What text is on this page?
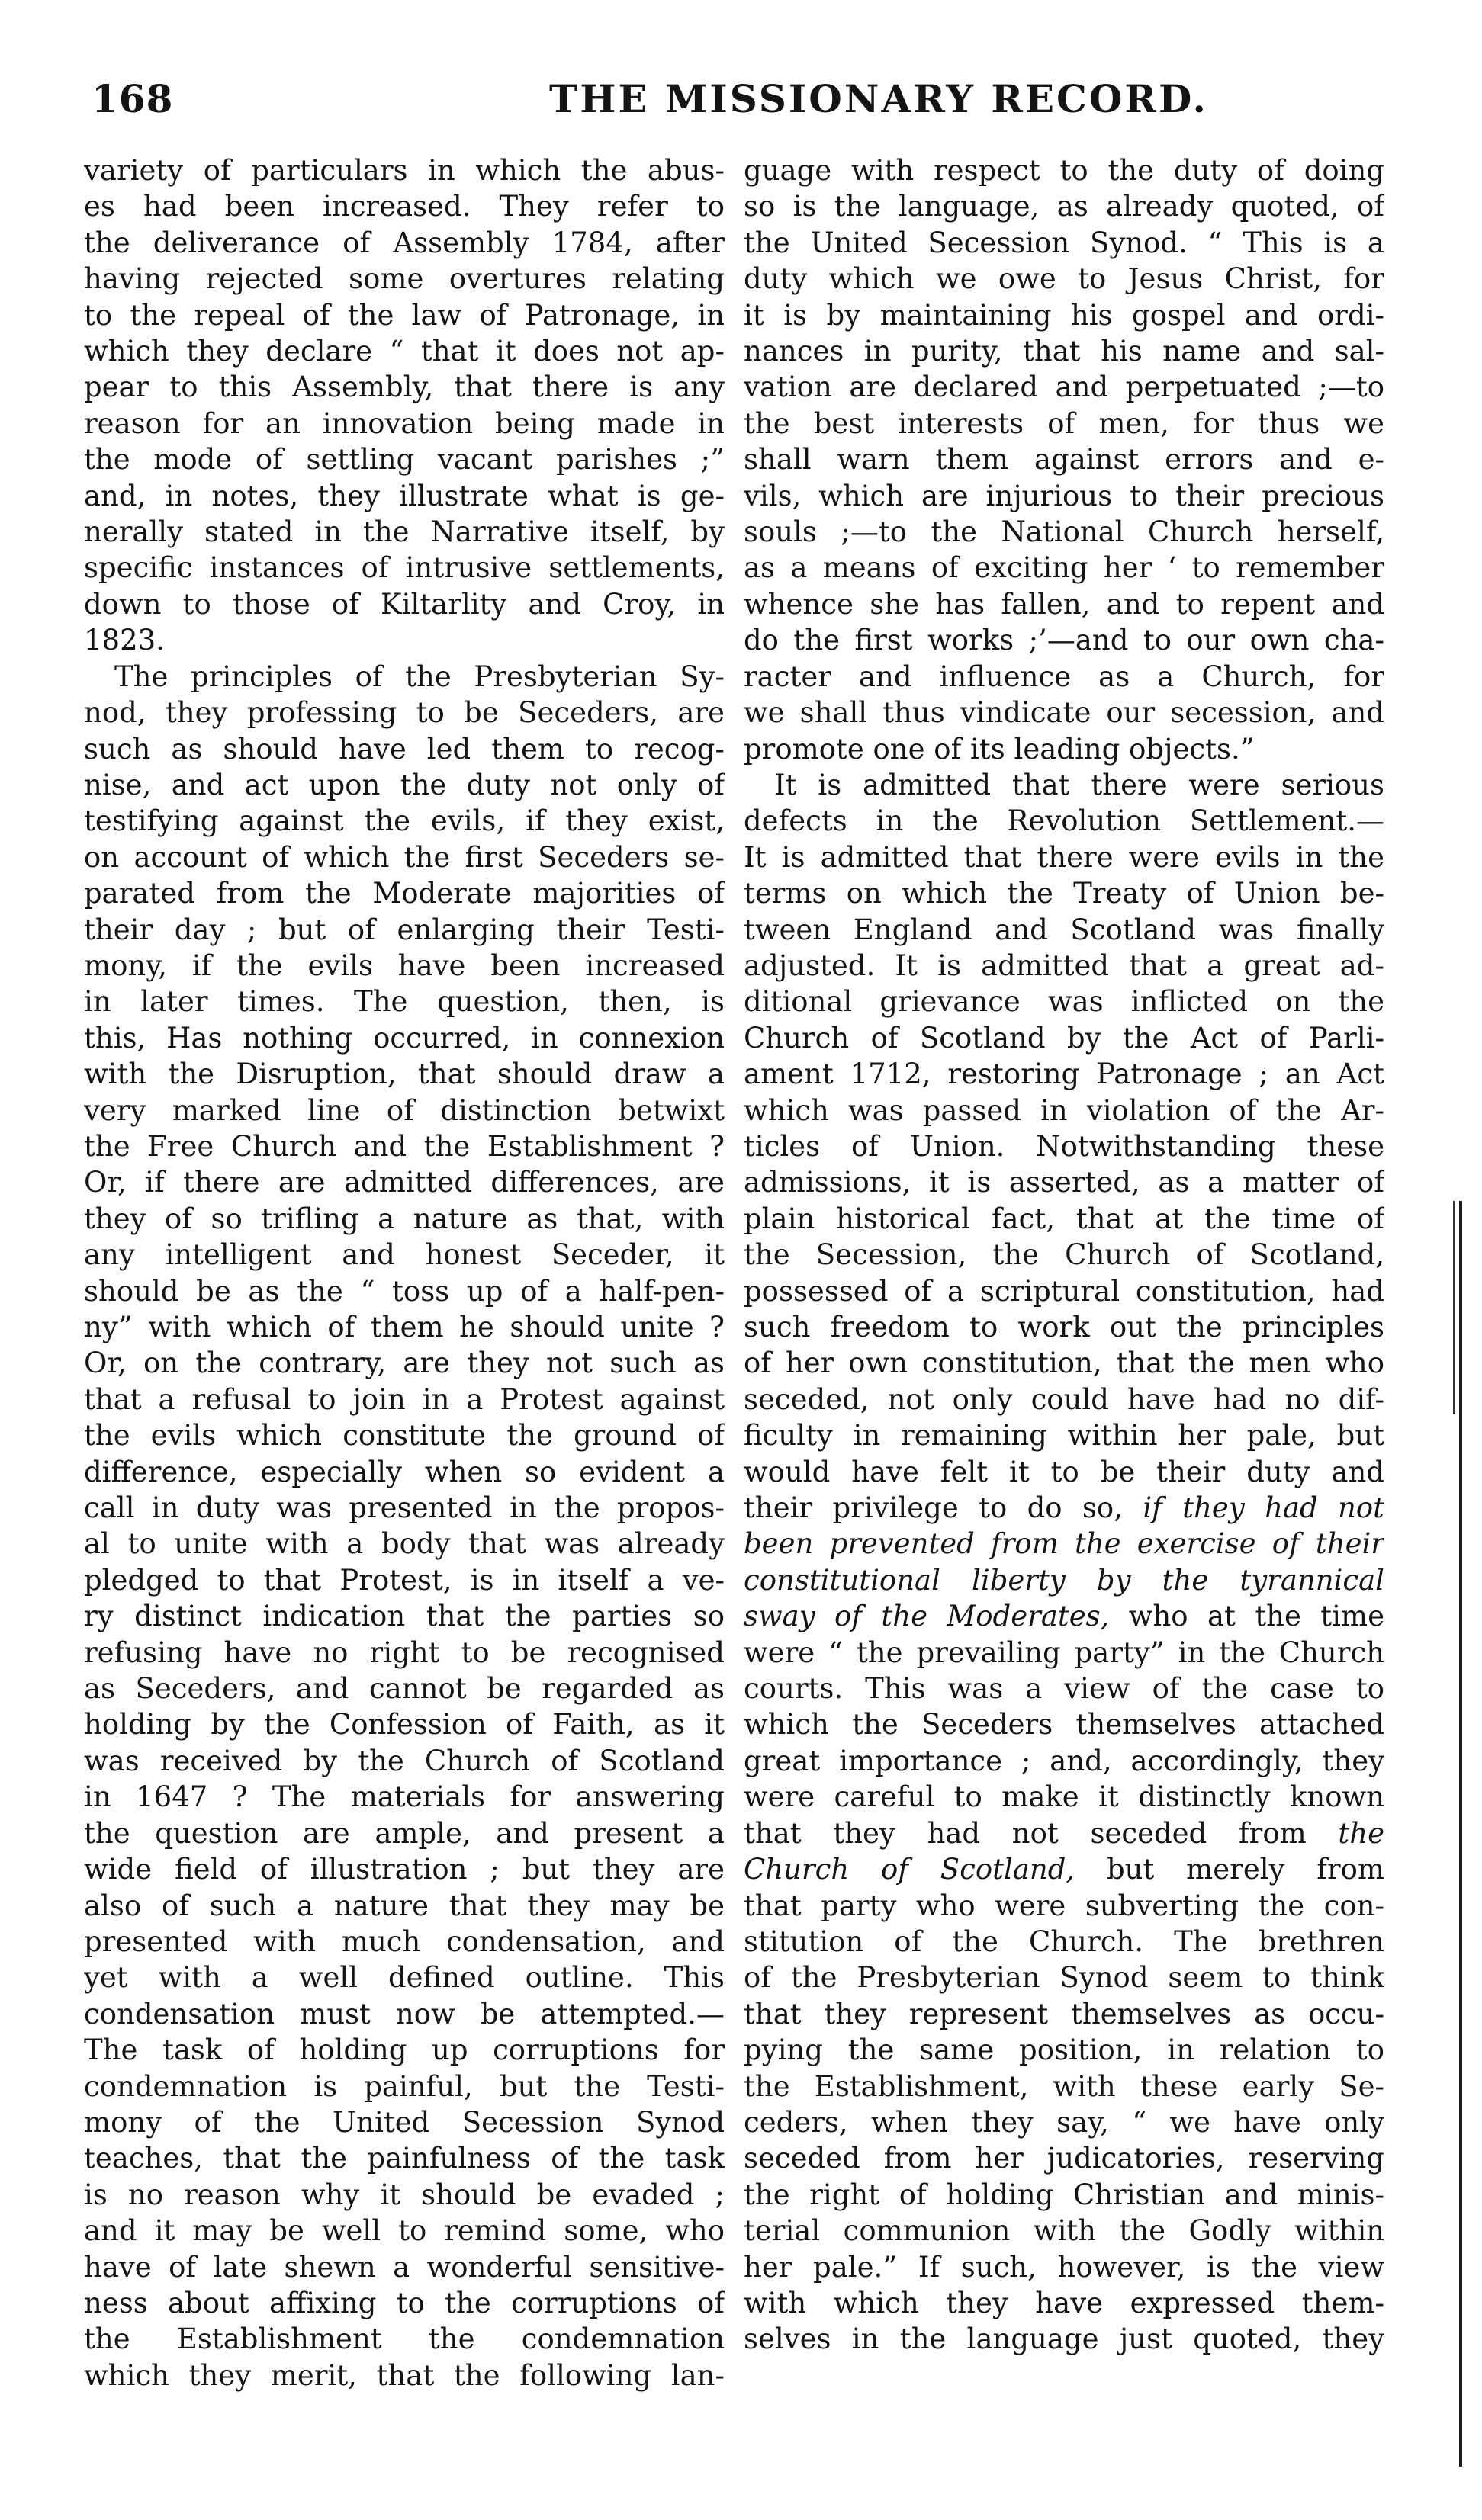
168	THE MISSIONARY RECORD.

variety of particulars in which the abus-

es had been increased. They refer to

the deliverance of Assembly 1784, after

having rejected some overtures relating

to the repeal of the law of Patronage, in

which they declare “ that it does not ap-

pear to this Assembly, that there is any

reason for an innovation being made in

the mode of settling vacant parishes ;”

and, in notes, they illustrate what is ge-

nerally stated in the Narrative itself, by

specific instances of intrusive settlements,

down to those of Kiltarlity and Croy, in

1823.

The principles of the Presbyterian Sy-

nod, they professing to be Seceders, are

such as should have led them to recog-

nise, and act upon the duty not only of

testifying against the evils, if they exist,

on account of which the first Seceders se-

parated from the Moderate majorities of

their day ; but of enlarging their Testi-

mony, if the evils have been increased

in later times. The question, then, is

this, Has nothing occurred, in connexion

with the Disruption, that should draw a

very marked line of distinction betwixt

the Free Church and the Establishment ?

Or, if there are admitted differences, are

they of so trifling a nature as that, with

any intelligent and honest Seceder, it

should be as the “ toss up of a half-pen-

ny” with which of them he should unite ?

Or, on the contrary, are they not such as

that a refusal to join in a Protest against

the evils which constitute the ground of

difference, especially when so evident a

call in duty was presented in the propos-

al to unite with a body that was already

pledged to that Protest, is in itself a ve-

ry distinct indication that the parties so

refusing have no right to be recognised

as Seceders, and cannot be regarded as

holding by the Confession of Faith, as it

was received by the Church of Scotland

in 1647 ? The materials for answering

the question are ample, and present a

wide field of illustration ; but they are

also of such a nature that they may be

presented with much condensation, and

yet with a well defined outline. This

condensation must now be attempted.—

The task of holding up corruptions for

condemnation is painful, but the Testi-

mony of the United Secession Synod

teaches, that the painfulness of the task

is no reason why it should be evaded ;

and it may be well to remind some, who

have of late shewn a wonderful sensitive-

ness about affixing to the corruptions of

the Establishment the condemnation

which they merit, that the following lan-

guage with respect to the duty of doing

so is the language, as already quoted, of

the United Secession Synod. “ This is a

duty which we owe to Jesus Christ, for

it is by maintaining his gospel and ordi-

nances in purity, that his name and sal-

vation are declared and perpetuated ;—to

the best interests of men, for thus we

shall warn them against errors and e-

vils, which are injurious to their precious

souls ;—to the National Church herself,

as a means of exciting her ‘ to remember

whence she has fallen, and to repent and

do the first works ;’—and to our own cha-

racter and influence as a Church, for

we shall thus vindicate our secession, and

promote one of its leading objects.”

It is admitted that there were serious

defects in the Revolution Settlement.—

It is admitted that there were evils in the

terms on which the Treaty of Union be-

tween England and Scotland was finally

adjusted. It is admitted that a great ad-

ditional grievance was inflicted on the

Church of Scotland by the Act of Parli-

ament 1712, restoring Patronage ; an Act

which was passed in violation of the Ar-

ticles of Union. Notwithstanding these

admissions, it is asserted, as a matter of

plain historical fact, that at the time of

the Secession, the Church of Scotland,

possessed of a scriptural constitution, had

such freedom to work out the principles

of her own constitution, that the men who

seceded, not only could have had no dif-

ficulty in remaining within her pale, but

would have felt it to be their duty and

their privilege to do so, if they had not

been prevented from the exercise of their

constitutional liberty by the tyrannical

sway of the Moderates, who at the time

were “ the prevailing party” in the Church

courts. This was a view of the case to

which the Seceders themselves attached

great importance ; and, accordingly, they

were careful to make it distinctly known

that they had not seceded from the

Church of Scotland, but merely from

that party who were subverting the con-

stitution of the Church. The brethren

of the Presbyterian Synod seem to think

that they represent themselves as occu-

pying the same position, in relation to

the Establishment, with these early Se-

ceders, when they say, “ we have only

seceded from her judicatories, reserving

the right of holding Christian and minis-

terial communion with the Godly within

her pale.” If such, however, is the view

with which they have expressed them-

selves in the language just quoted, they
